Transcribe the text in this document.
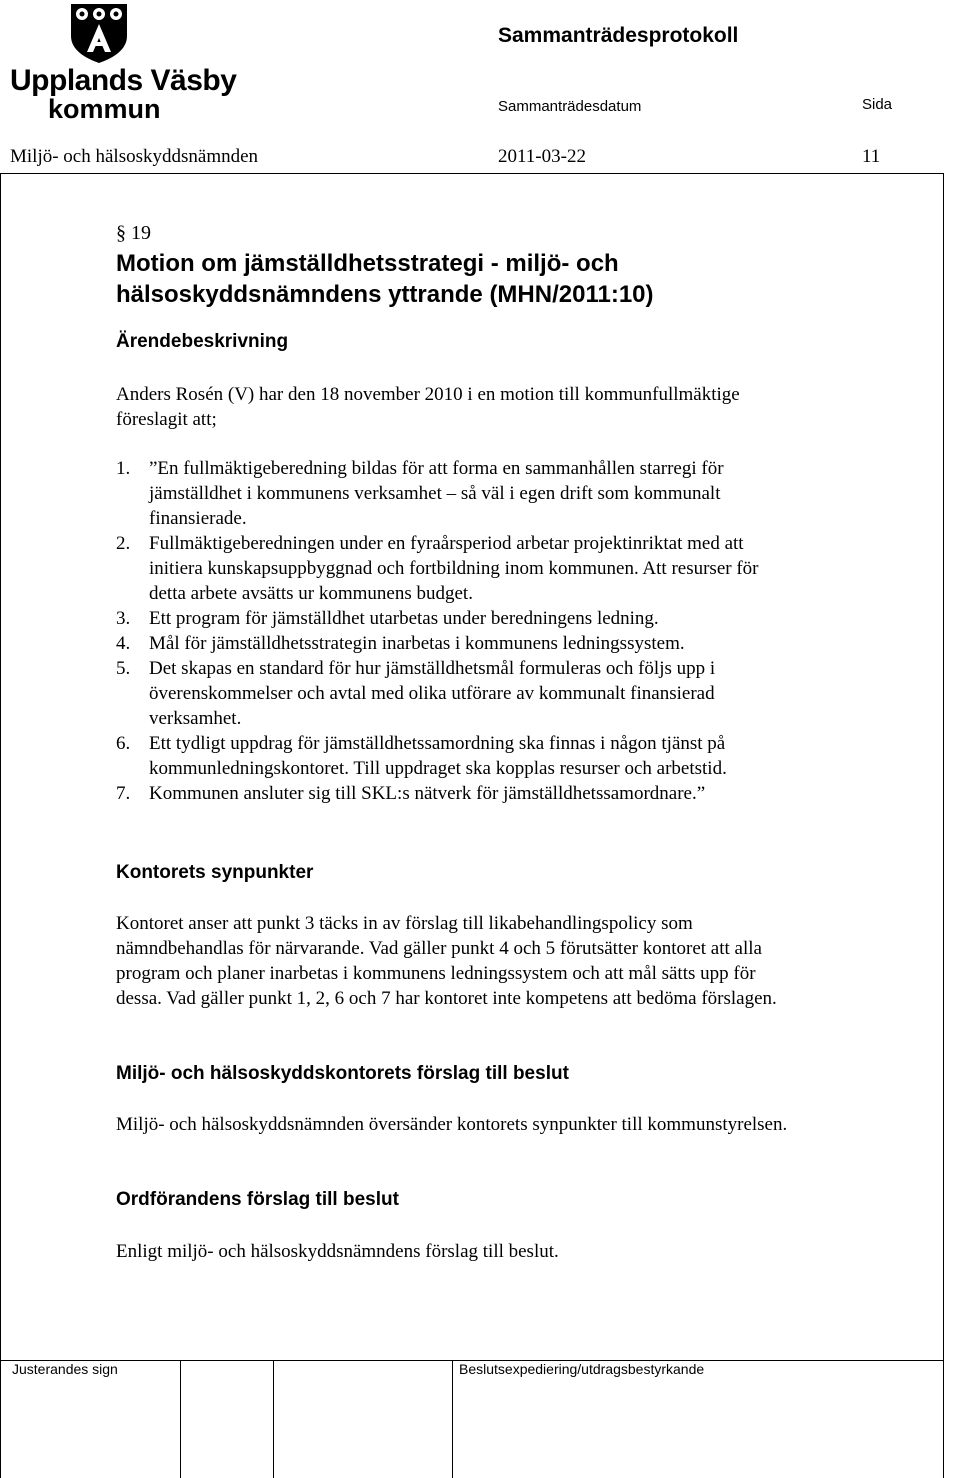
Upplands Väsby
kommun
Sammanträdesprotokoll
Sammanträdesdatum	Sida
Miljö- och hälsoskyddsnämnden	2011-03-22	11
§ 19
Motion om jämställdhetsstrategi - miljö- och
hälsoskyddsnämndens yttrande (MHN/2011:10)
Ärendebeskrivning
Anders Rosén (V) har den 18 november 2010 i en motion till kommunfullmäktige
föreslagit att;
1. ”En fullmäktigeberedning bildas för att forma en sammanhållen starregi för
jämställdhet i kommunens verksamhet – så väl i egen drift som kommunalt
finansierade.
2. Fullmäktigeberedningen under en fyraårsperiod arbetar projektinriktat med att
initiera kunskapsuppbyggnad och fortbildning inom kommunen. Att resurser för
detta arbete avsätts ur kommunens budget.
3. Ett program för jämställdhet utarbetas under beredningens ledning.
4. Mål för jämställdhetsstrategin inarbetas i kommunens ledningssystem.
5. Det skapas en standard för hur jämställdhetsmål formuleras och följs upp i
överenskommelser och avtal med olika utförare av kommunalt finansierad
verksamhet.
6. Ett tydligt uppdrag för jämställdhetssamordning ska finnas i någon tjänst på
kommunledningskontoret. Till uppdraget ska kopplas resurser och arbetstid.
7. Kommunen ansluter sig till SKL:s nätverk för jämställdhetssamordnare.”
Kontorets synpunkter
Kontoret anser att punkt 3 täcks in av förslag till likabehandlingspolicy som
nämndbehandlas för närvarande. Vad gäller punkt 4 och 5 förutsätter kontoret att alla
program och planer inarbetas i kommunens ledningssystem och att mål sätts upp för
dessa. Vad gäller punkt 1, 2, 6 och 7 har kontoret inte kompetens att bedöma förslagen.
Miljö- och hälsoskyddskontorets förslag till beslut
Miljö- och hälsoskyddsnämnden översänder kontorets synpunkter till kommunstyrelsen.
Ordförandens förslag till beslut
Enligt miljö- och hälsoskyddsnämndens förslag till beslut.
Justerandes sign	Beslutsexpediering/utdragsbestyrkande
